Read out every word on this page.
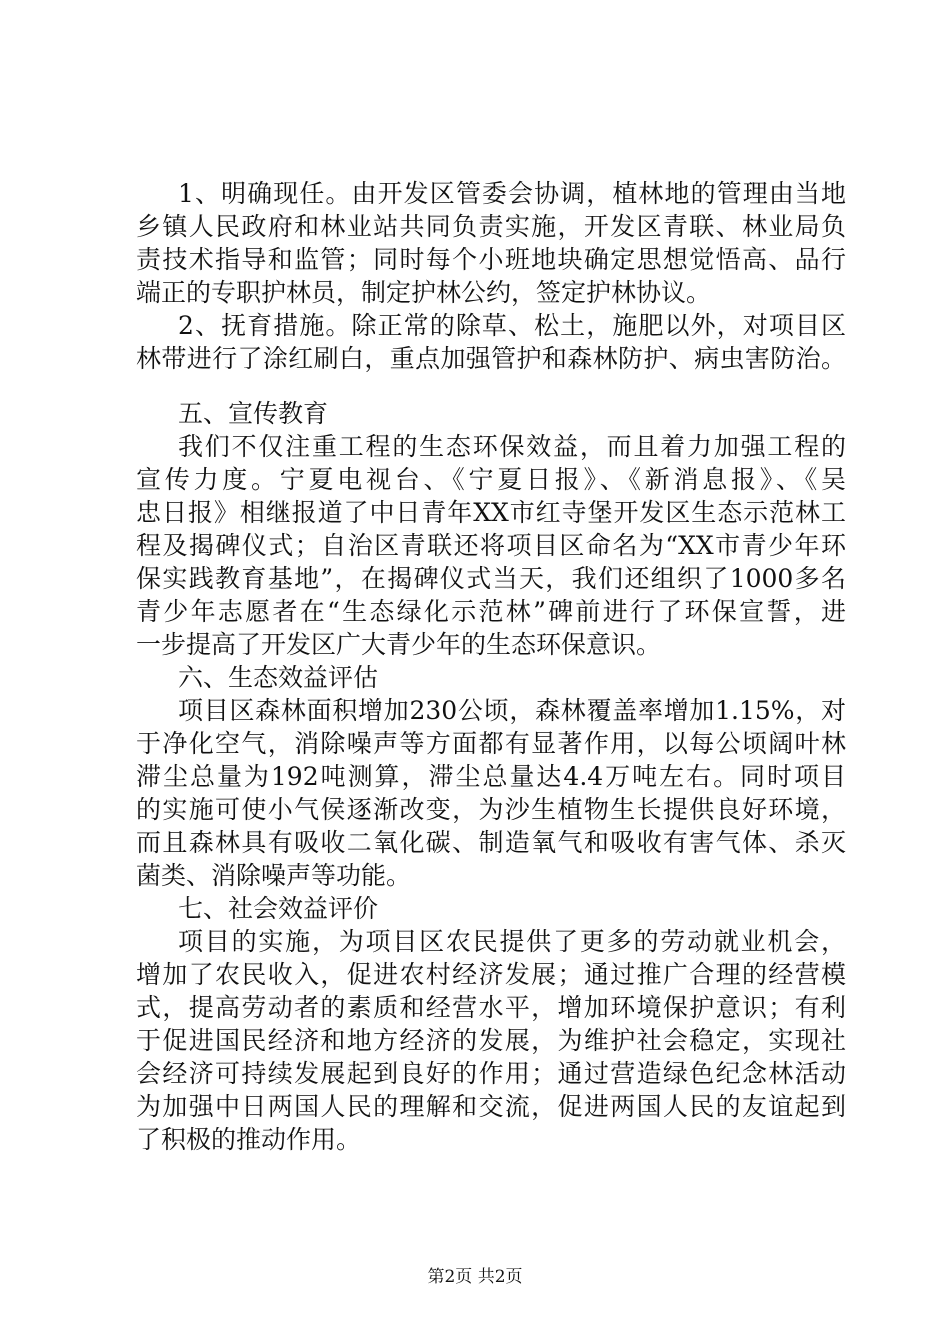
1、明确现任。由开发区管委会协调，植林地的管理由当地
乡镇人民政府和林业站共同负责实施，开发区青联、林业局负
责技术指导和监管；同时每个小班地块确定思想觉悟高、品行
端正的专职护林员，制定护林公约，签定护林协议。
2、抚育措施。除正常的除草、松土，施肥以外，对项目区
林带进行了涂红刷白，重点加强管护和森林防护、病虫害防治。
五、宣传教育
我们不仅注重工程的生态环保效益，而且着力加强工程的
宣传力度。宁夏电视台、《宁夏日报》、《新消息报》、《吴
忠日报》相继报道了中日青年XX市红寺堡开发区生态示范林工
程及揭碑仪式；自治区青联还将项目区命名为“XX市青少年环
保实践教育基地”，在揭碑仪式当天，我们还组织了1000多名
青少年志愿者在“生态绿化示范林”碑前进行了环保宣誓，进
一步提高了开发区广大青少年的生态环保意识。
六、生态效益评估
项目区森林面积增加230公顷，森林覆盖率增加1.15%，对
于净化空气，消除噪声等方面都有显著作用，以每公顷阔叶林
滞尘总量为192吨测算，滞尘总量达4.4万吨左右。同时项目
的实施可使小气侯逐渐改变，为沙生植物生长提供良好环境，
而且森林具有吸收二氧化碳、制造氧气和吸收有害气体、杀灭
菌类、消除噪声等功能。
七、社会效益评价
项目的实施，为项目区农民提供了更多的劳动就业机会，
增加了农民收入，促进农村经济发展；通过推广合理的经营模
式，提高劳动者的素质和经营水平，增加环境保护意识；有利
于促进国民经济和地方经济的发展，为维护社会稳定，实现社
会经济可持续发展起到良好的作用；通过营造绿色纪念林活动
为加强中日两国人民的理解和交流，促进两国人民的友谊起到
了积极的推动作用。
第2页 共2页
